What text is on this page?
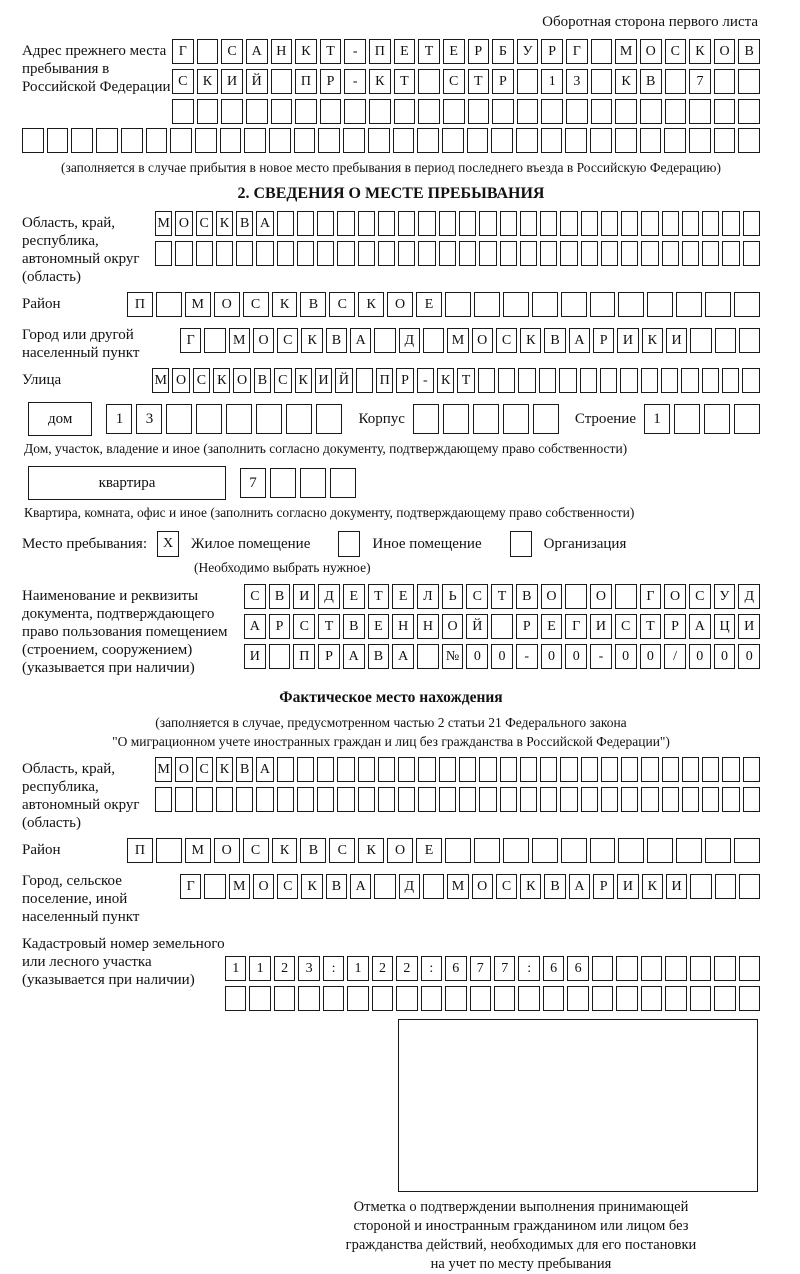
Оборотная сторона первого листа
Адрес прежнего места пребывания в Российской Федерации
Г	С	А	Н	К	Т	-	П	Е	Т	Е	Р	Б	У	Р	Г	М О	С	К	О	В
С	К	И	Й	П	Р	-	К	Т	С	Т	Р	1	3	К	В	7
(заполняется в случае прибытия в новое место пребывания в период последнего въезда в Российскую Федерацию)
2. СВЕДЕНИЯ О МЕСТЕ ПРЕБЫВАНИЯ
Область, край, республика, автономный округ (область)
М О С К В А
Район	П	М	О	С	К	В	С	К	О	Е
Город или другой населенный пункт
Г	М О	С	К	В	А	Д	М О	С	К	В	А	Р	И	К	И
Улица	М О С К О В С К И Й П Р	- К Т
дом	1	3	Корпус	Строение	1
Дом, участок, владение и иное (заполнить согласно документу, подтверждающему право собственности)
квартира	7
Квартира, комната, офис и иное (заполнить согласно документу, подтверждающему право собственности)
Место пребывания:	X	Жилое помещение	Иное помещение	Организация
(Необходимо выбрать нужное)
Наименование и реквизиты документа, подтверждающего право пользования помещением (строением, сооружением) (указывается при наличии)
С	В	И	Д	Е	Т	Е	Л	Ь	С	Т	В	О	О	Г	О	С	У	Д
А	Р	С	Т	В	Е	Н	Н	О	Й	Р	Е	Г	И	С	Т	Р	А	Ц	И
И	П	Р	А	В	А	№	0	0	-	0	0	-	0	0	/	0	0	0
Фактическое место нахождения
(заполняется в случае, предусмотренном частью 2 статьи 21 Федерального закона
"О миграционном учете иностранных граждан и лиц без гражданства в Российской Федерации")
Область, край, республика, автономный округ (область)
М О С К В А
Район	П	М	О	С	К	В	С	К	О	Е
Город, сельское поселение, иной населенный пункт
Г	М О	С	К	В	А	Д	М О	С	К	В	А	Р	И	К	И
Кадастровый номер земельного или лесного участка (указывается при наличии)
1	1	2	3	:	1	2	2	:	6	7	7	:	6	6
Отметка о подтверждении выполнения принимающей
стороной и иностранным гражданином или лицом без
гражданства действий, необходимых для его постановки
на учет по месту пребывания
